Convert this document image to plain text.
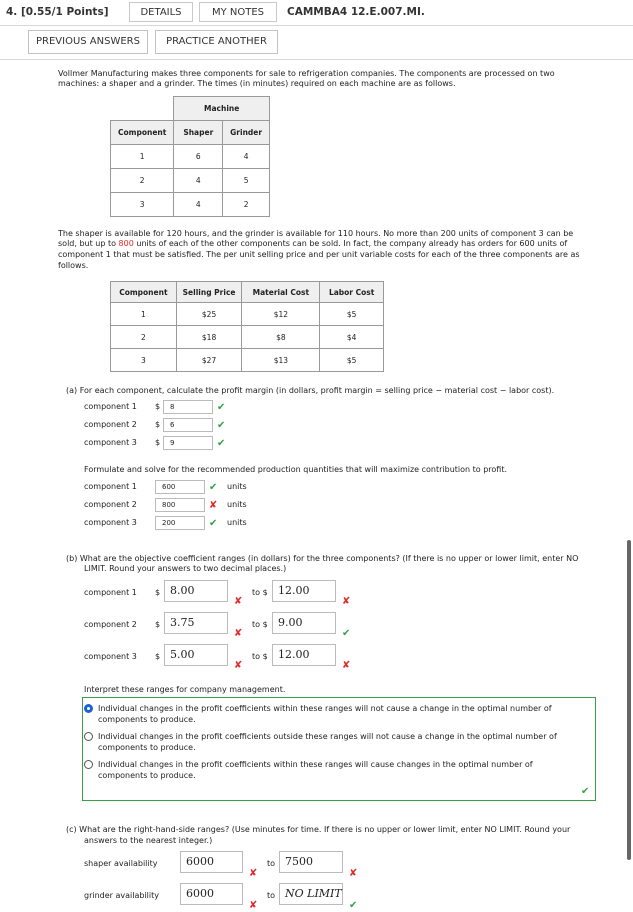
4. [0.55/1 Points]	DETAILS	MY NOTES	CAMMBA4 12.E.007.MI.
PREVIOUS ANSWERS	PRACTICE ANOTHER
Vollmer Manufacturing makes three components for sale to refrigeration companies. The components are processed on two
machines: a shaper and a grinder. The times (in minutes) required on each machine are as follows.
	Machine	
Component	Shaper	Grinder
1	6	4
2	4	5
3	4	2
The shaper is available for 120 hours, and the grinder is available for 110 hours. No more than 200 units of component 3 can be
sold, but up to 800 units of each of the other components can be sold. In fact, the company already has orders for 600 units of
component 1 that must be satisfied. The per unit selling price and per unit variable costs for each of the three components are as
follows.
Component	Selling Price	Material Cost	Labor Cost
1	$25	$12	$5
2	$18	$8	$4
3	$27	$13	$5
(a) For each component, calculate the profit margin (in dollars, profit margin = selling price − material cost − labor cost).
component 1 $	8	✔
component 2 $	6	✔
component 3 $	9	✔
Formulate and solve for the recommended production quantities that will maximize contribution to profit.
component 1	600	✔ units
component 2	800	✘ units
component 3	200	✔ units
(b) What are the objective coefficient ranges (in dollars) for the three components? (If there is no upper or lower limit, enter NO
LIMIT. Round your answers to two decimal places.)
component 1 $ 8.00
✘
to $ 12.00
✘
component 2 $ 3.75
✘
to $ 9.00
✔
component 3 $ 5.00
✘
to $ 12.00
✘
Interpret these ranges for company management.
Individual changes in the profit coefficients within these ranges will not cause a change in the optimal number of
components to produce.
Individual changes in the profit coefficients outside these ranges will not cause a change in the optimal number of
components to produce.
Individual changes in the profit coefficients within these ranges will cause changes in the optimal number of
components to produce.
✔
(c) What are the right-hand-side ranges? (Use minutes for time. If there is no upper or lower limit, enter NO LIMIT. Round your
answers to the nearest integer.)
shaper availability	6000
✘
to 7500
✘
grinder availability	6000
✘
to NO LIMIT
✔
